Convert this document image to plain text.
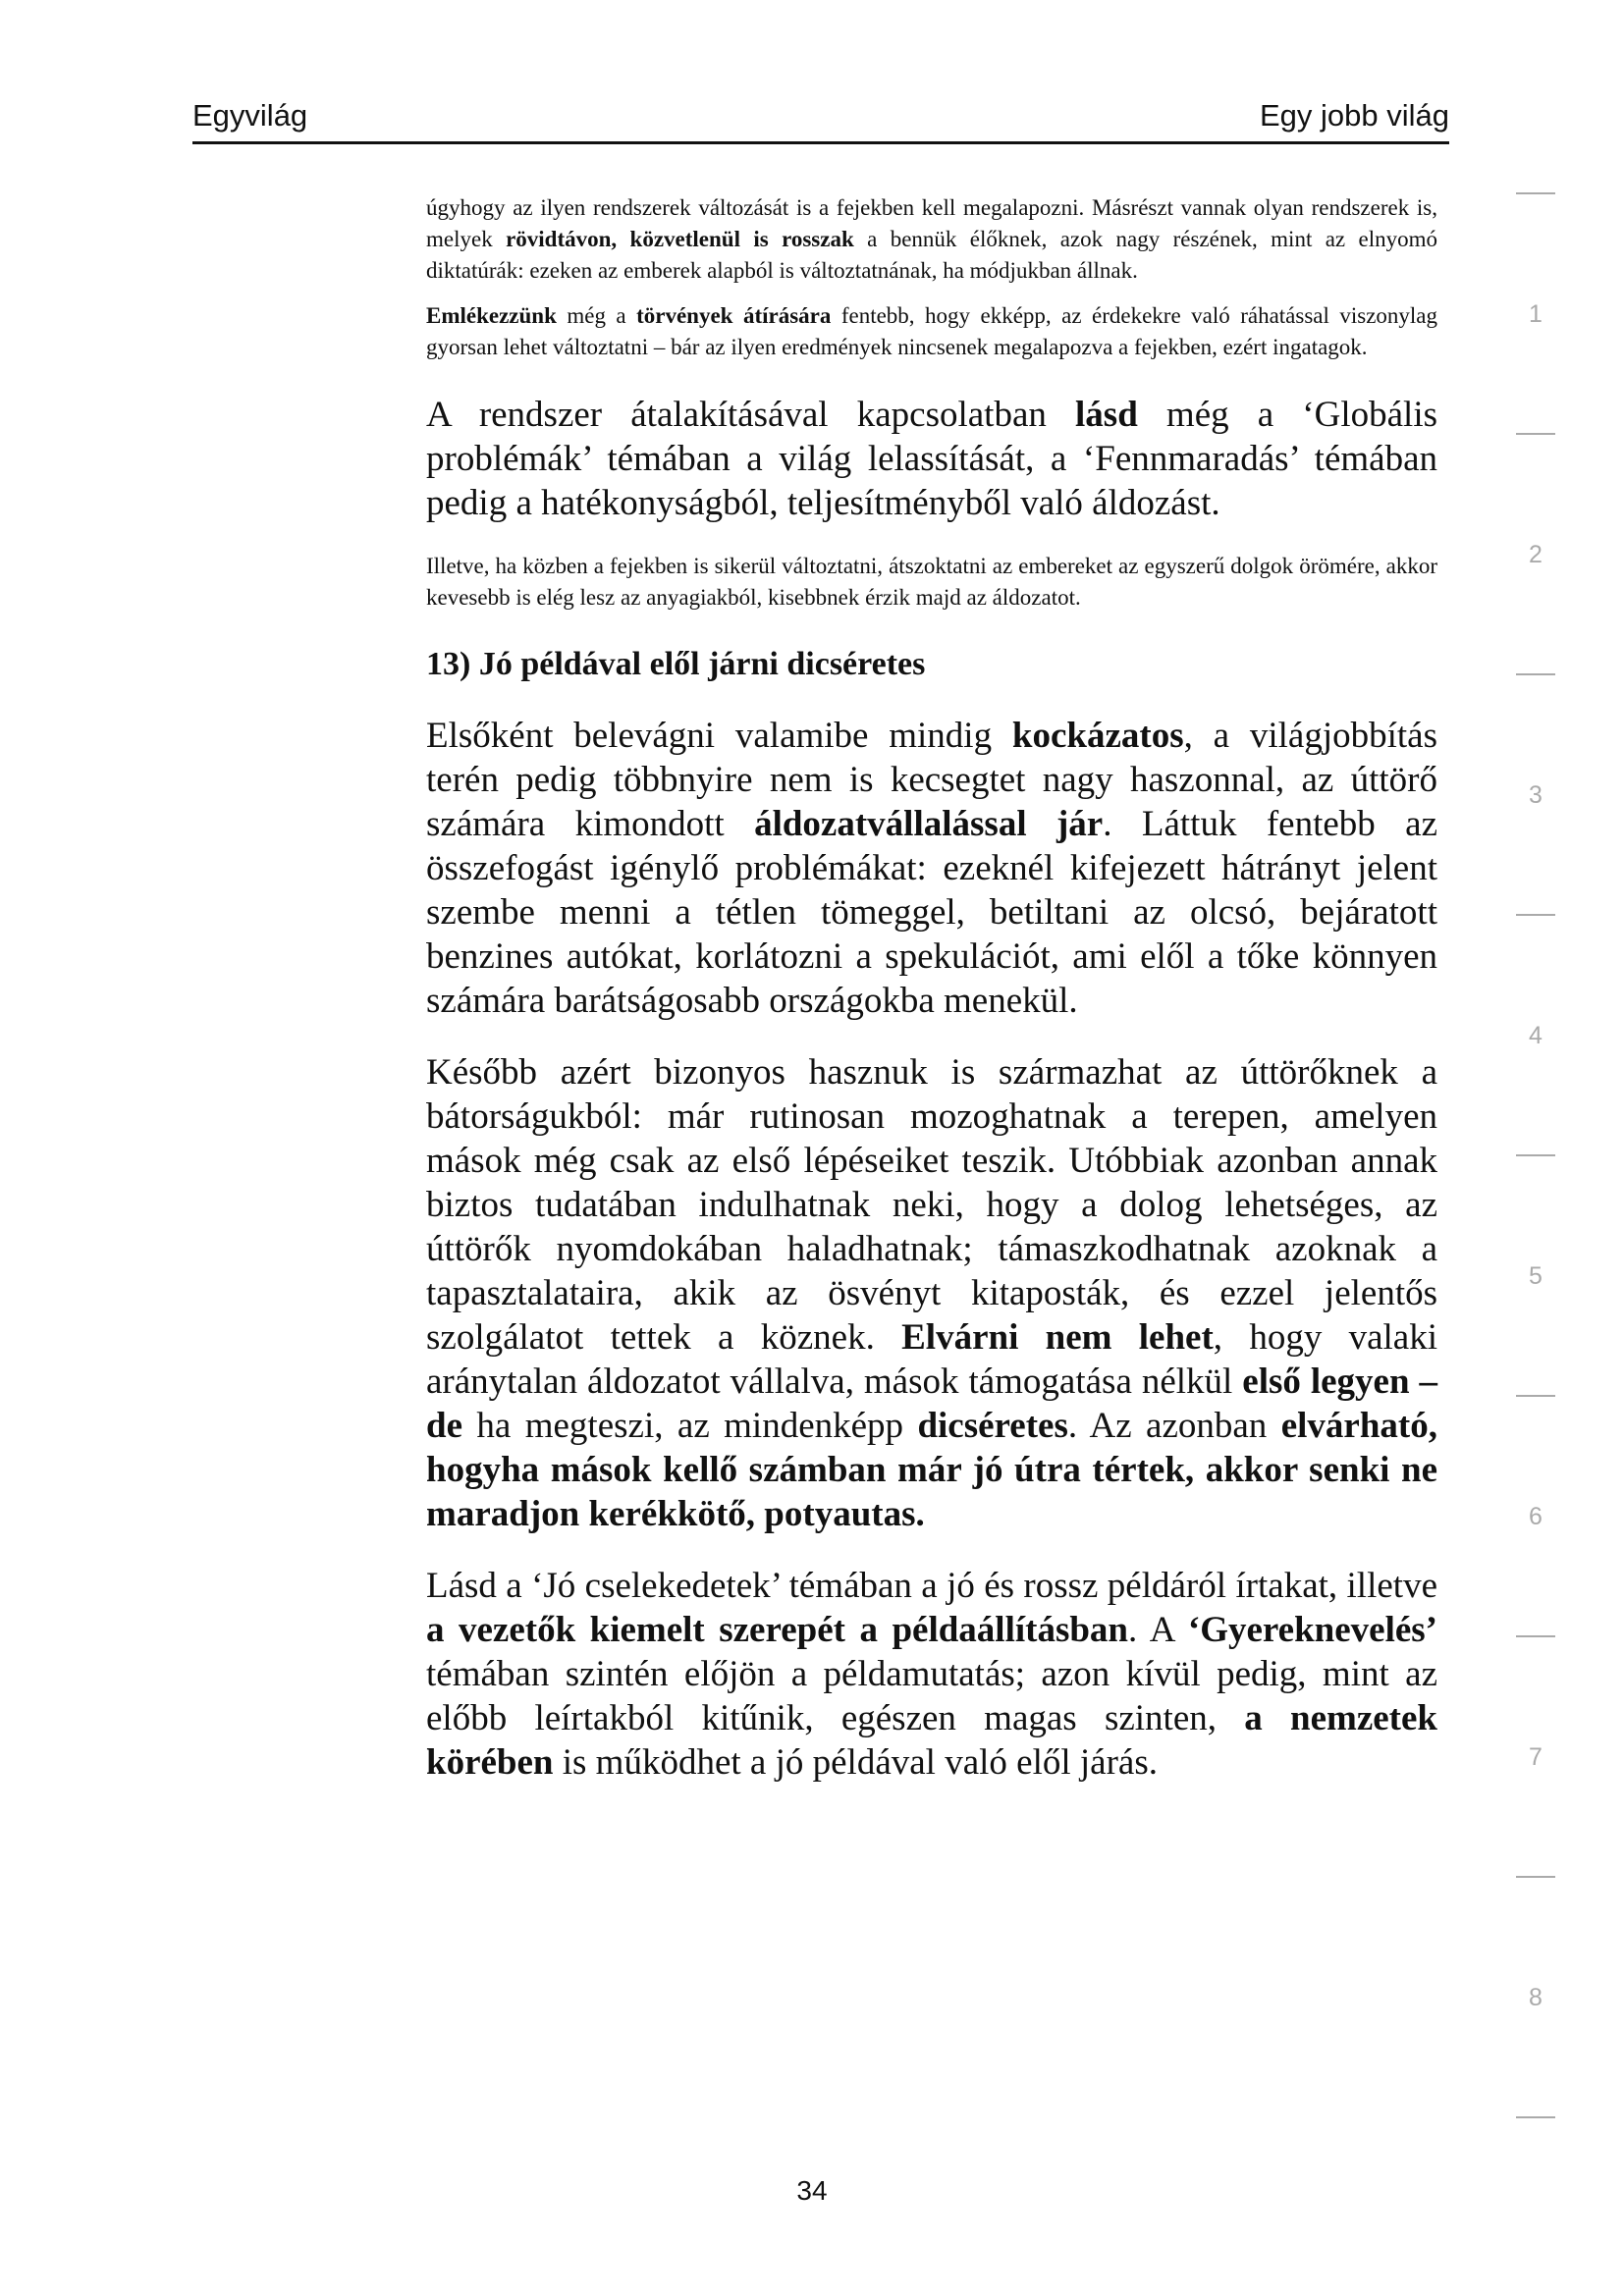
Egyvilág	Egy jobb világ

úgyhogy az ilyen rendszerek változását is a fejekben kell megalapozni. Másrészt vannak olyan rendszerek is, melyek rövidtávon, közvetlenül is rosszak a bennük élőknek, azok nagy részének, mint az elnyomó diktatúrák: ezeken az emberek alapból is változtatnának, ha módjukban állnak.

Emlékezzünk még a törvények átírására fentebb, hogy ekképp, az érdekekre való ráhatással viszonylag gyorsan lehet változtatni – bár az ilyen eredmények nincsenek megalapozva a fejekben, ezért ingatagok.

A rendszer átalakításával kapcsolatban lásd még a ‘Globális problémák’ témában a világ lelassítását, a ‘Fennmaradás’ témában pedig a hatékonyságból, teljesítményből való áldozást.

Illetve, ha közben a fejekben is sikerül változtatni, átszoktatni az embereket az egyszerű dolgok örömére, akkor kevesebb is elég lesz az anyagiakból, kisebbnek érzik majd az áldozatot.

13) Jó példával elől járni dicséretes

Elsőként belevágni valamibe mindig kockázatos, a világjobbítás terén pedig többnyire nem is kecsegtet nagy haszonnal, az úttörő számára kimondott áldozatvállalással jár. Láttuk fentebb az összefogást igénylő problémákat: ezeknél kifejezett hátrányt jelent szembe menni a tétlen tömeggel, betiltani az olcsó, bejáratott benzines autókat, korlátozni a spekulációt, ami elől a tőke könnyen számára barátságosabb országokba menekül.

Később azért bizonyos hasznuk is származhat az úttörőknek a bátorságukból: már rutinosan mozoghatnak a terepen, amelyen mások még csak az első lépéseiket teszik. Utóbbiak azonban annak biztos tudatában indulhatnak neki, hogy a dolog lehetséges, az úttörők nyomdokában haladhatnak; támaszkodhatnak azoknak a tapasztalataira, akik az ösvényt kitaposták, és ezzel jelentős szolgálatot tettek a köznek. Elvárni nem lehet, hogy valaki aránytalan áldozatot vállalva, mások támogatása nélkül első legyen – de ha megteszi, az mindenképp dicséretes. Az azonban elvárható, hogyha mások kellő számban már jó útra tértek, akkor senki ne maradjon kerékkötő, potyautas.

Lásd a ‘Jó cselekedetek’ témában a jó és rossz példáról írtakat, illetve a vezetők kiemelt szerepét a példaállításban. A ‘Gyereknevelés’ témában szintén előjön a példamutatás; azon kívül pedig, mint az előbb leírtakból kitűnik, egészen magas szinten, a nemzetek körében is működhet a jó példával való elől járás.

1
2
3
4
5
6
7
8
34
